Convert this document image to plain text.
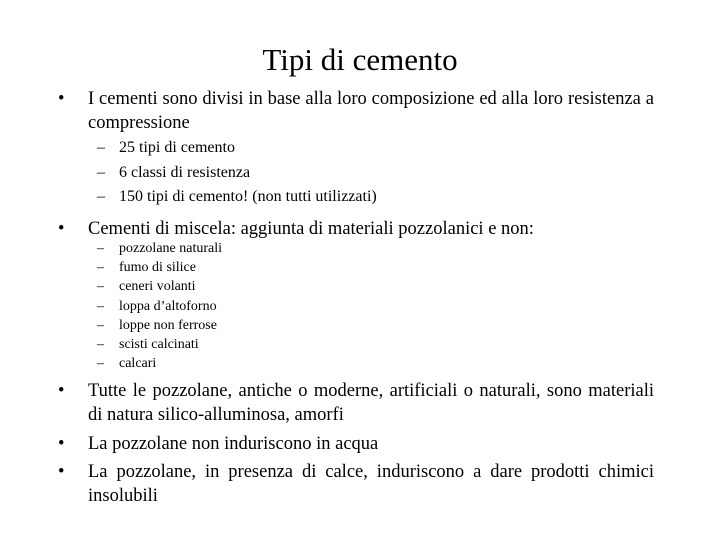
Tipi di cemento
•	I cementi sono divisi in base alla loro composizione ed alla loro resistenza a compressione
– 25 tipi di cemento
– 6 classi di resistenza
– 150 tipi di cemento! (non tutti utilizzati)
•	Cementi di miscela: aggiunta di materiali pozzolanici e non:
– pozzolane naturali
– fumo di silice
– ceneri volanti
– loppa d’altoforno
– loppe non ferrose
– scisti calcinati
– calcari
•	Tutte le pozzolane, antiche o moderne, artificiali o naturali, sono materiali di natura silico-alluminosa, amorfi
•	La pozzolane non induriscono in acqua
•	La pozzolane, in presenza di calce, induriscono a dare prodotti chimici insolubili
